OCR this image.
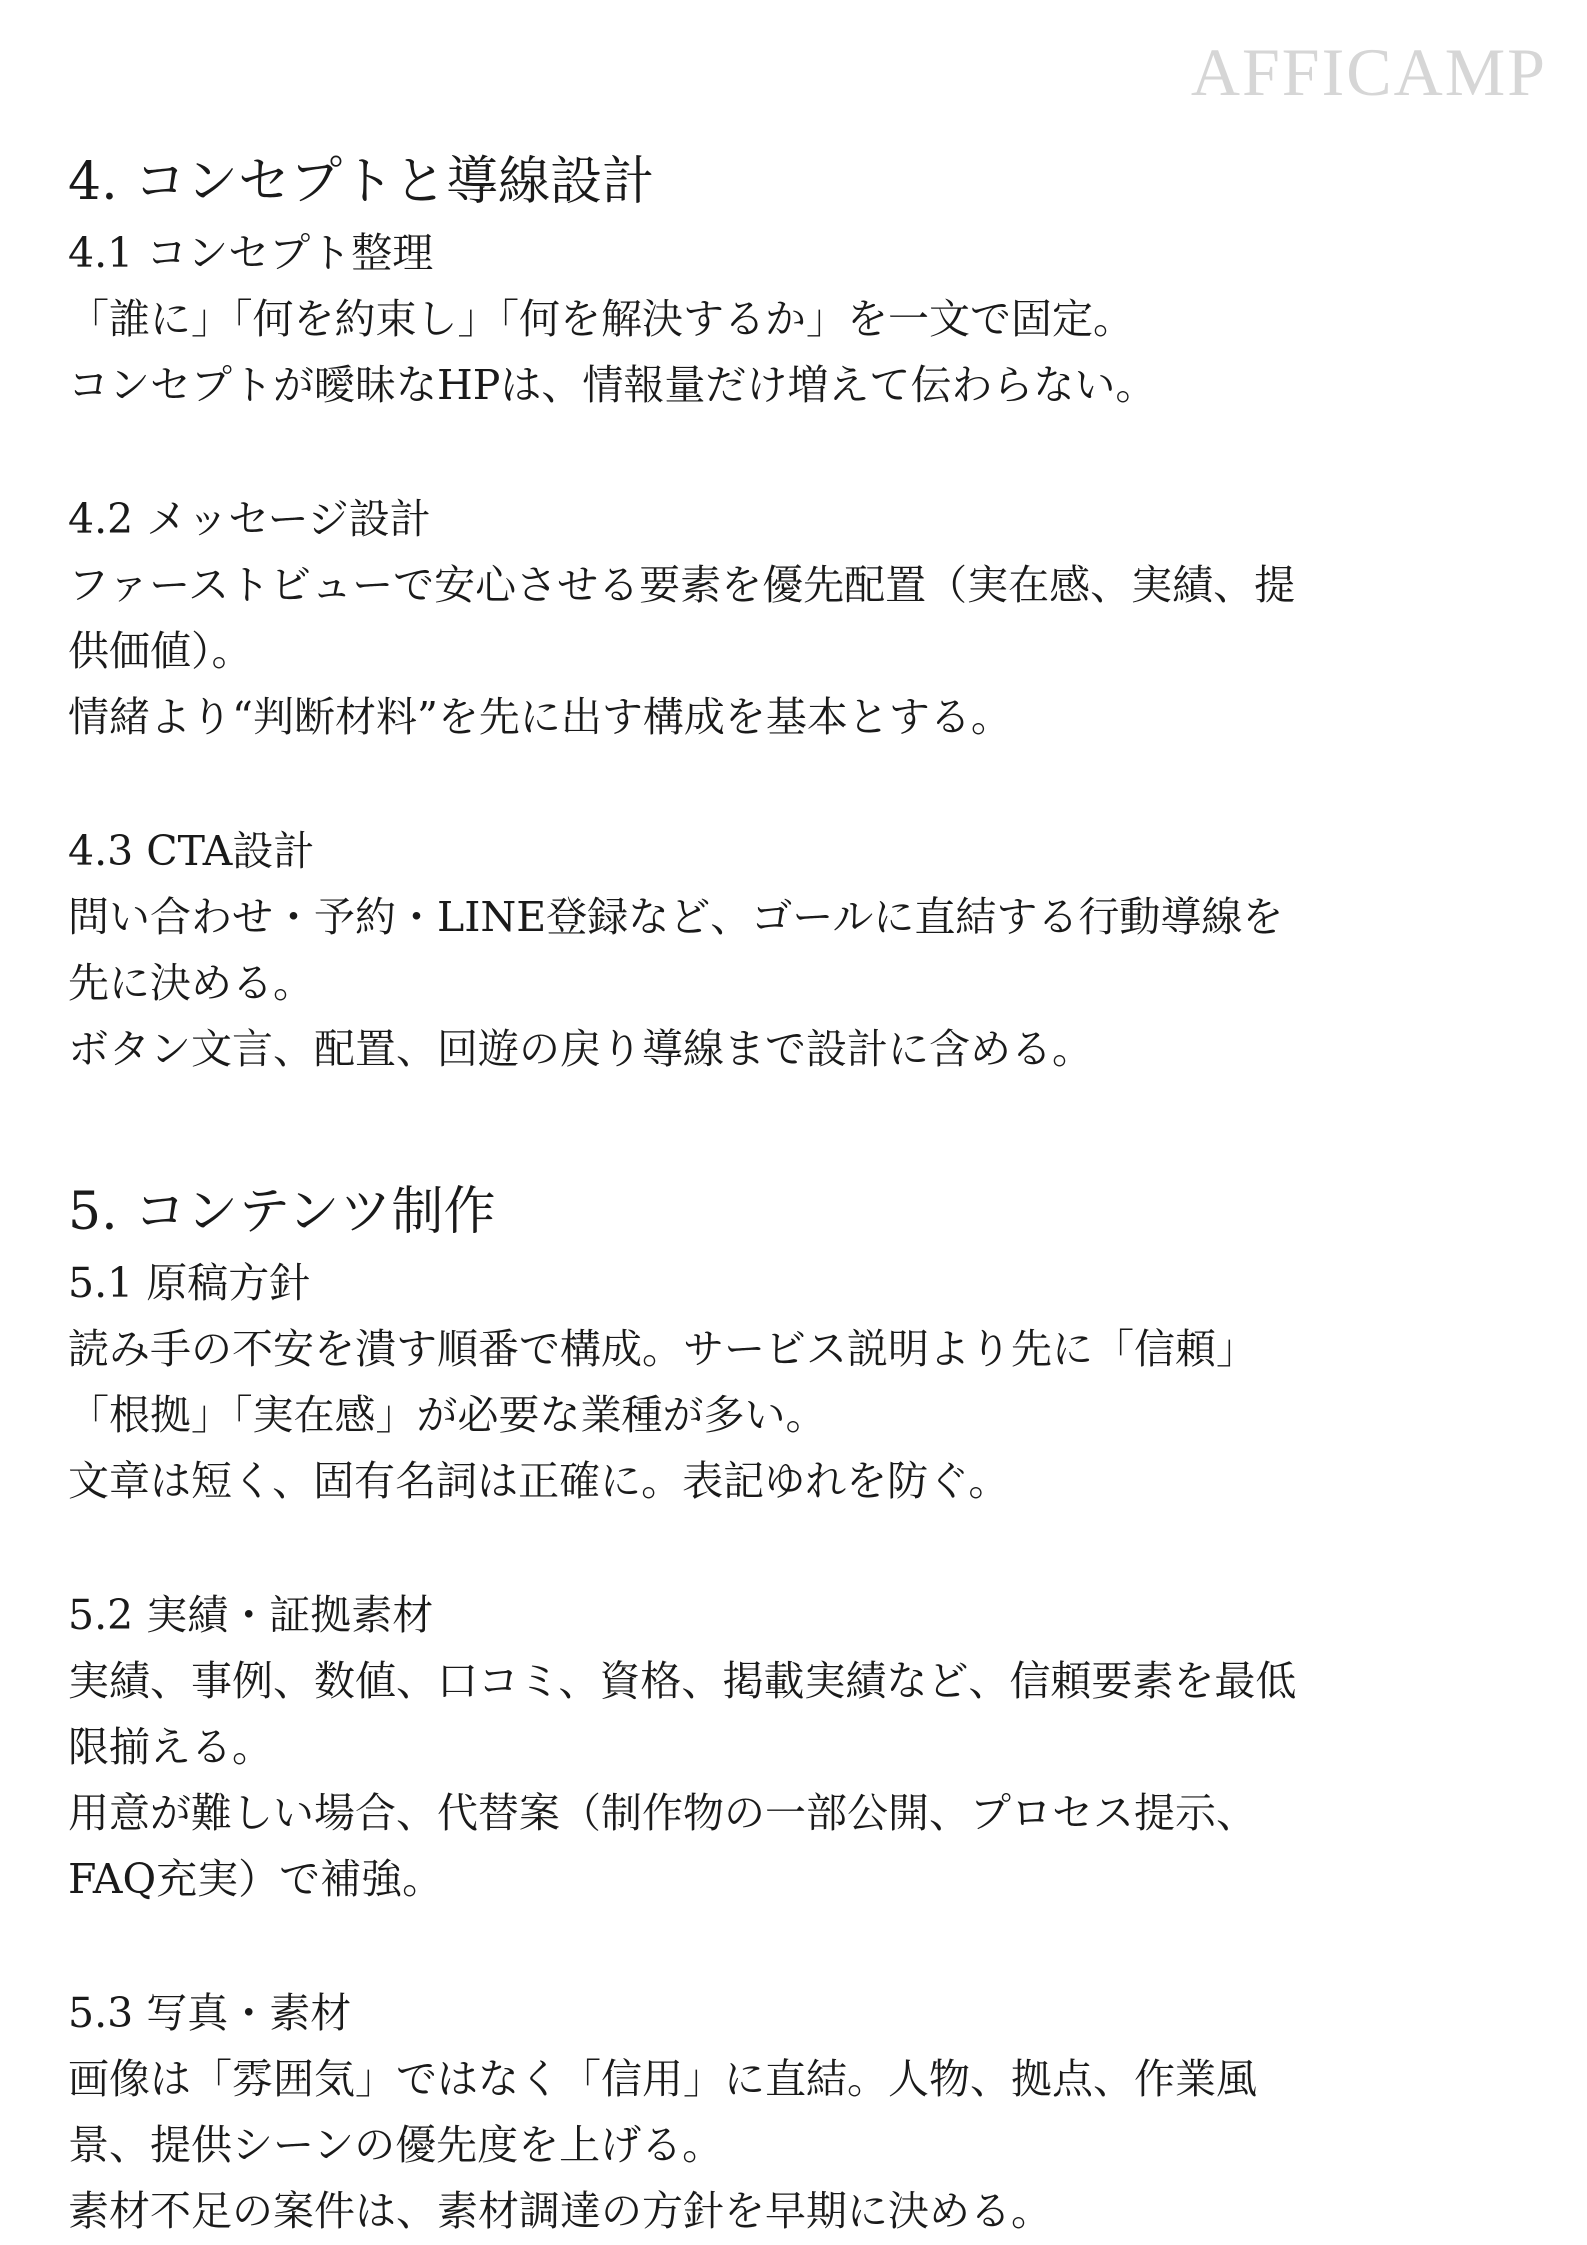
AFFICAMP
4. コンセプトと導線設計
4.1 コンセプト整理

「誰に」「何を約束し」「何を解決するか」を一文で固定。

コンセプトが曖昧なHPは、情報量だけ増えて伝わらない。

4.2 メッセージ設計

ファーストビューで安心させる要素を優先配置（実在感、実績、提

供価値）。

情緒より“判断材料”を先に出す構成を基本とする。

4.3 CTA設計

問い合わせ・予約・LINE登録など、ゴールに直結する行動導線を

先に決める。

ボタン文言、配置、回遊の戻り導線まで設計に含める。

5. コンテンツ制作
5.1 原稿方針

読み手の不安を潰す順番で構成。サービス説明より先に「信頼」

「根拠」「実在感」が必要な業種が多い。

文章は短く、固有名詞は正確に。表記ゆれを防ぐ。

5.2 実績・証拠素材

実績、事例、数値、口コミ、資格、掲載実績など、信頼要素を最低

限揃える。

用意が難しい場合、代替案（制作物の一部公開、プロセス提示、

FAQ充実）で補強。

5.3 写真・素材

画像は「雰囲気」ではなく「信用」に直結。人物、拠点、作業風

景、提供シーンの優先度を上げる。

素材不足の案件は、素材調達の方針を早期に決める。
